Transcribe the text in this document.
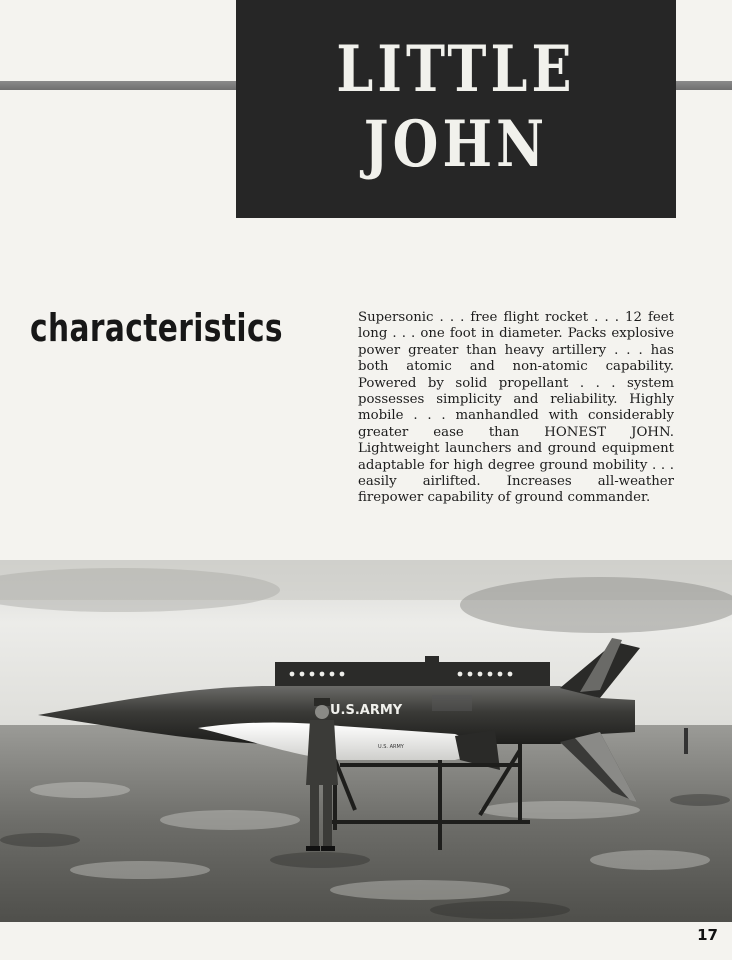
LITTLE JOHN
characteristics	Supersonic . . . free flight rocket . . . 12 feet long . . . one foot in diameter. Packs explosive power greater than heavy artillery . . . has both atomic and non-atomic capability. Powered by solid propellant . . . system possesses simplicity and reliability. Highly mobile . . . manhandled with considerably greater ease than HONEST JOHN. Lightweight launchers and ground equipment adaptable for high degree ground mobility . . . easily airlifted. Increases all-weather firepower capability of ground commander.
U.S.ARMY
U.S. ARMY
17
